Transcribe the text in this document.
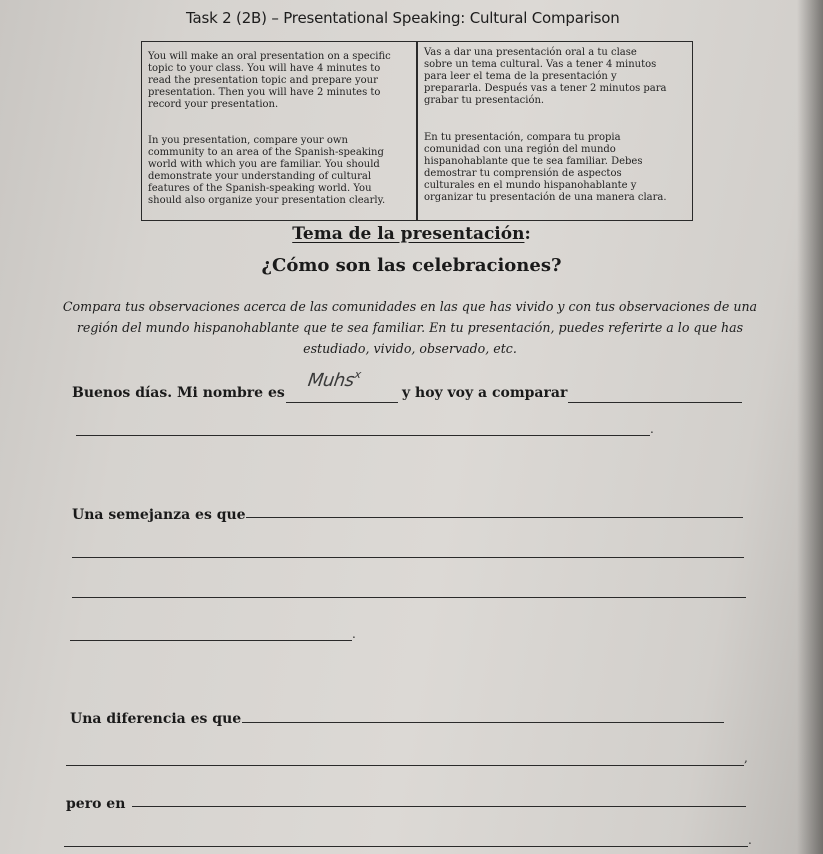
Task 2 (2B) – Presentational Speaking: Cultural Comparison
You will make an oral presentation on a specific
topic to your class. You will have 4 minutes to
read the presentation topic and prepare your
presentation. Then you will have 2 minutes to
record your presentation.
Vas a dar una presentación oral a tu clase
sobre un tema cultural. Vas a tener 4 minutos
para leer el tema de la presentación y
prepararla. Después vas a tener 2 minutos para
grabar tu presentación.
In you presentation, compare your own
community to an area of the Spanish-speaking
world with which you are familiar. You should
demonstrate your understanding of cultural
features of the Spanish-speaking world. You
should also organize your presentation clearly.
En tu presentación, compara tu propia
comunidad con una región del mundo
hispanohablante que te sea familiar. Debes
demostrar tu comprensión de aspectos
culturales en el mundo hispanohablante y
organizar tu presentación de una manera clara.
Tema de la presentación:
¿Cómo son las celebraciones?
Compara tus observaciones acerca de las comunidades en las que has vivido y con tus observaciones de una región del mundo hispanohablante que te sea familiar. En tu presentación, puedes referirte a lo que has estudiado, vivido, observado, etc.
Buenos días. Mi nombre es
Muhs$^x$
y hoy voy a comparar
.
Una semejanza es que
.
Una diferencia es que
,
pero en
.
